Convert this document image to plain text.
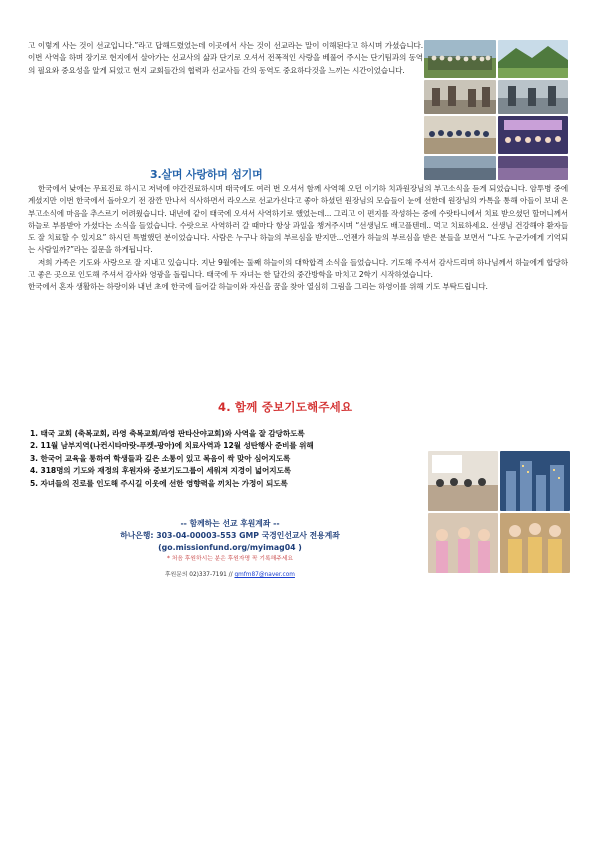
고 이렇게 사는 것이 선교입니다.”라고 답해드렸었는데 이곳에서 사는 것이 선교라는 말이 이해된다고 하시며 가셨습니다. 이번 사역을 하며 장기로 현지에서 살아가는 선교사의 삶과 단기로 오셔서 전폭적인 사랑을 베풀어 주시는 단기팀과의 동역의 필요와 중요성을 알게 되었고 현지 교회들간의 협력과 선교사들 간의 동역도 중요하다것을 느끼는 시간이었습니다.

3.살며 사랑하며 섬기며

한국에서 낮에는 무료진료 하시고 저녁에 야간진료하시며 태국에도 여러 번 오셔서 함께 사역해 오던 이기하 치과원장님의 부고소식을 듣게 되었습니다. 암투병 중에 계셨지만 이번 한국에서 돌아오기 전 잠깐 만나서 식사하면서 라오스로 선교가신다고 좋아 하셨던 원장님의 모습들이 눈에 선한데 원장님의 카톡을 통해 아들이 보내 온 부고소식에 마음을 추스르기 어려웠습니다. 내년에 같이 태국에 오셔서 사역하기로 했었는데... 그리고 이 편지를 작성하는 중에 수랏타니에서 치료 받으셨던 할머니께서 하늘로 부름받아 가셨다는 소식을 들었습니다. 수랏으로 사역하러 갈 때마다 항상 과일을 챙겨주시며 “선생님도 배고플텐데.. 먹고 치료하세요. 선생님 건강해야 환자들도 잘 치료할 수 있지요” 하시던 특별했던 분이었습니다. 사람은 누구나 하늘의 부르심을 받지만...언젠가 하늘의 부르심을 받은 분들을 보면서 “나도 누군가에게 기억되는 사람일까?”라는 질문을 하게됩니다.

저희 가족은 기도와 사랑으로 잘 지내고 있습니다. 지난 9월에는 둘째 하늘이의 대학합격 소식을 들었습니다. 기도해 주셔서 감사드리며 하나님께서 하늘에게 합당하고 좋은 곳으로 인도해 주셔서 감사와 영광을 돌립니다. 태국에 두 자녀는 한 달간의 중간방학을 마치고 2학기 시작하였습니다.

한국에서 혼자 생활하는 하랑이와 내년 초에 한국에 들어갈 하늘이와 자신을 꿈을 찾아 열심히 그림을 그리는 하영이를 위해 기도 부탁드립니다.

4. 함께 중보기도해주세요
1. 태국 교회 (축복교회, 라영 축복교회/라영 판타산야교회)와 사역을 잘 감당하도록
2. 11월 남부지역(나컨시타마랏-푸켓-팡아)에 치료사역과 12월 성탄행사 준비를 위해
3. 한국어 교육을 통하여 학생들과 깊은 소통이 있고 복음이 싹 맞아 심어지도록
4. 318명의 기도와 재정의 후원자와 중보기도그룹이 세워져 지경이 넓어지도록
5. 자녀들의 진로를 인도해 주시길 이웃에 선한 영향력을 끼치는 가정이 되도록
-- 함께하는 선교 후원계좌 --
하나은행: 303-04-00003-553 GMP 국경인선교사 전용계좌
(go.missionfund.org/myimag04 )
* 처음 후원하시는 분은 후원자명 꼭 기록해주세요
후원문의 02)337-7191 // gmfm87@naver.com
